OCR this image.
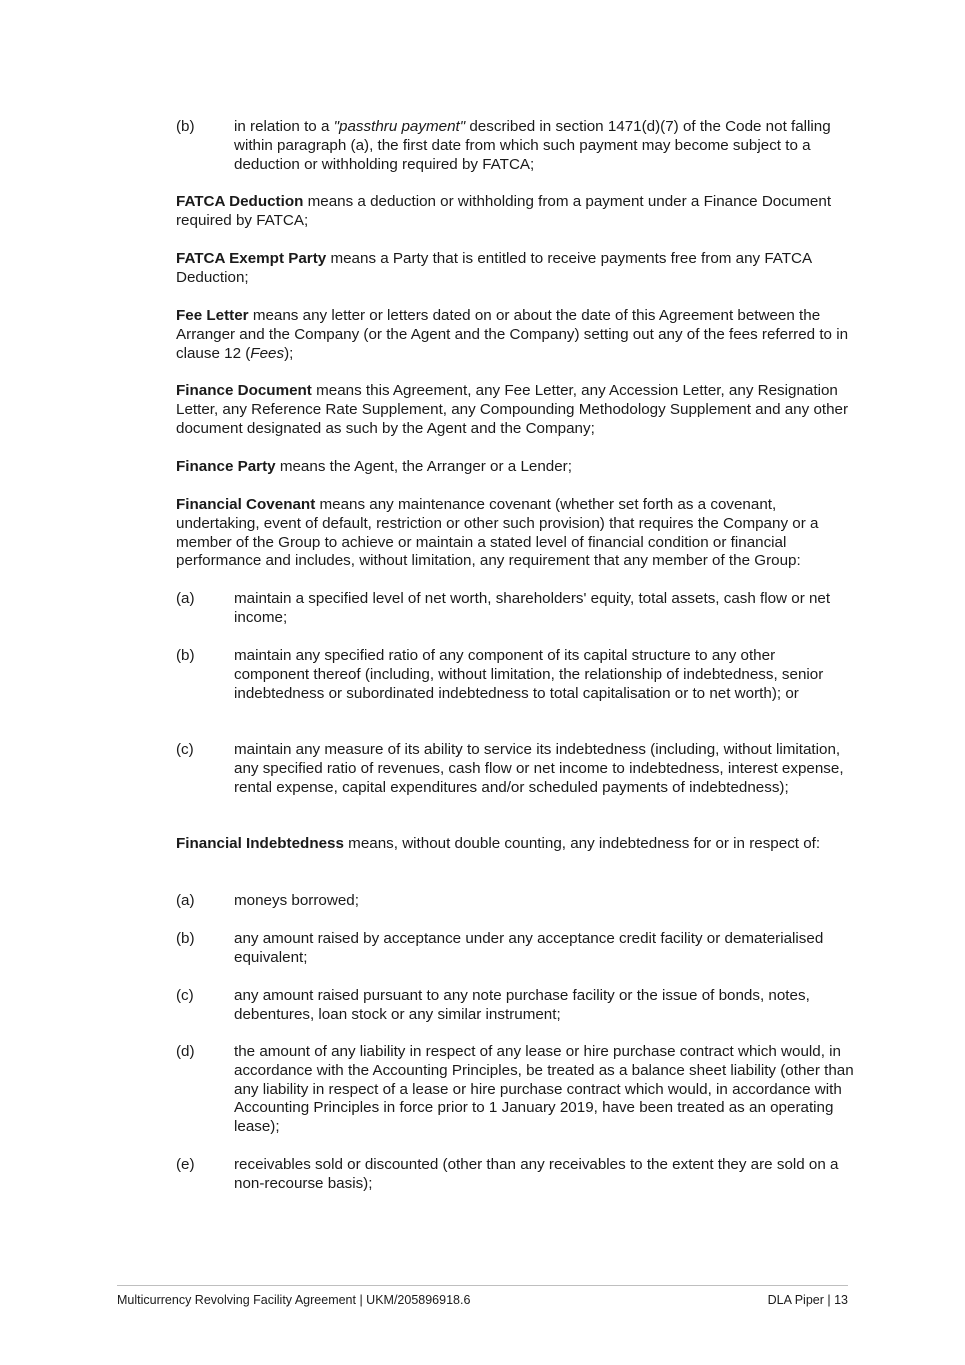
(b)	in relation to a "passthru payment" described in section 1471(d)(7) of the Code not falling within paragraph (a), the first date from which such payment may become subject to a deduction or withholding required by FATCA;
FATCA Deduction means a deduction or withholding from a payment under a Finance Document required by FATCA;
FATCA Exempt Party means a Party that is entitled to receive payments free from any FATCA Deduction;
Fee Letter means any letter or letters dated on or about the date of this Agreement between the Arranger and the Company (or the Agent and the Company) setting out any of the fees referred to in clause 12 (Fees);
Finance Document means this Agreement, any Fee Letter, any Accession Letter, any Resignation Letter, any Reference Rate Supplement, any Compounding Methodology Supplement and any other document designated as such by the Agent and the Company;
Finance Party means the Agent, the Arranger or a Lender;
Financial Covenant means any maintenance covenant (whether set forth as a covenant, undertaking, event of default, restriction or other such provision) that requires the Company or a member of the Group to achieve or maintain a stated level of financial condition or financial performance and includes, without limitation, any requirement that any member of the Group:
(a)	maintain a specified level of net worth, shareholders' equity, total assets, cash flow or net income;
(b)	maintain any specified ratio of any component of its capital structure to any other component thereof (including, without limitation, the relationship of indebtedness, senior indebtedness or subordinated indebtedness to total capitalisation or to net worth); or
(c)	maintain any measure of its ability to service its indebtedness (including, without limitation, any specified ratio of revenues, cash flow or net income to indebtedness, interest expense, rental expense, capital expenditures and/or scheduled payments of indebtedness);
Financial Indebtedness means, without double counting, any indebtedness for or in respect of:
(a)	moneys borrowed;
(b)	any amount raised by acceptance under any acceptance credit facility or dematerialised equivalent;
(c)	any amount raised pursuant to any note purchase facility or the issue of bonds, notes, debentures, loan stock or any similar instrument;
(d)	the amount of any liability in respect of any lease or hire purchase contract which would, in accordance with the Accounting Principles, be treated as a balance sheet liability (other than any liability in respect of a lease or hire purchase contract which would, in accordance with Accounting Principles in force prior to 1 January 2019, have been treated as an operating lease);
(e)	receivables sold or discounted (other than any receivables to the extent they are sold on a non-recourse basis);
Multicurrency Revolving Facility Agreement | UKM/205896918.6	DLA Piper | 13
